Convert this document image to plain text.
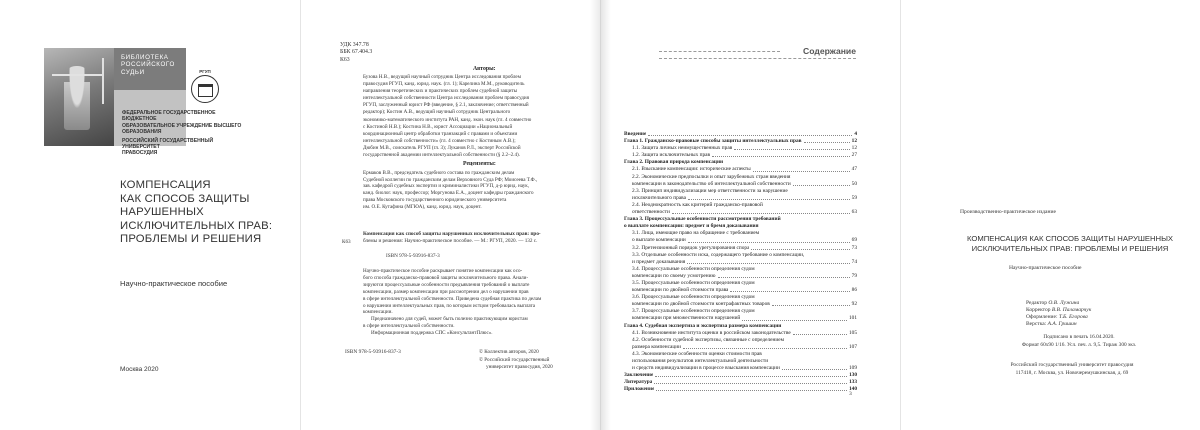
БИБЛИОТЕКА
РОССИЙСКОГО
СУДЬИ	РГУП
ФЕДЕРАЛЬНОЕ ГОСУДАРСТВЕННОЕ БЮДЖЕТНОЕ
ОБРАЗОВАТЕЛЬНОЕ УЧРЕЖДЕНИЕ ВЫСШЕГО
ОБРАЗОВАНИЯ
РОССИЙСКИЙ ГОСУДАРСТВЕННЫЙ УНИВЕРСИТЕТ
ПРАВОСУДИЯ
КОМПЕНСАЦИЯ
КАК СПОСОБ ЗАЩИТЫ
НАРУШЕННЫХ
ИСКЛЮЧИТЕЛЬНЫХ ПРАВ:
ПРОБЛЕМЫ И РЕШЕНИЯ
Научно-практическое пособие
Москва 2020
УДК 347.78
ББК 67.404.3
К63
Авторы:
Бузова Н.В., ведущий научный сотрудник Центра исследования проблем
правосудия РГУП, канд. юрид. наук. (гл. 1); Карелина М.М., руководитель
направления теоретических и практических проблем судебной защиты
интеллектуальной собственности Центра исследования проблем правосудия
РГУП, заслуженный юрист РФ (введение, § 2.1, заключение; ответственный
редактор); Костин А.В., ведущий научный сотрудник Центрального
экономико-математического института РАН, канд. экон. наук (гл. 4 совместно
с Костиной Н.В.); Костина Н.В., юрист Ассоциации «Национальный
координационный центр обработки транзакций с правами и объектами
интеллектуальной собственности» (гл. 4 совместно с Костиным А.В.);
Дюбин М.В., соискатель РГУП (гл. 3); Луканов Р.Л., эксперт Российской
государственной академии интеллектуальной собственности (§ 2.2–2.4).
Рецензенты:
Ермаков В.В., председатель судебного состава по гражданским делам
Судебной коллегии по гражданским делам Верховного Суда РФ; Моисеева Т.Ф.,
зав. кафедрой судебных экспертиз и криминалистики РГУП, д-р юрид. наук,
канд. биолог. наук, профессор; Моргунова Е.А., доцент кафедры гражданского
права Московского государственного юридического университета
им. О.Е. Кутафина (МГЮА), канд. юрид. наук, доцент.
Компенсация как способ защиты нарушенных исключительных прав: про-
блемы и решения: Научно-практическое пособие. — М.: РГУП, 2020. — 132 с.
К63
ISBN 978-5-93916-837-3
Научно-практическое пособие раскрывает понятие компенсации как осо-
бого способа гражданско-правовой защиты исключительного права. Анали-
зируются процессуальные особенности предъявления требований о выплате
компенсации, размер компенсации при рассмотрении дел о нарушении прав
в сфере интеллектуальной собственности. Приведена судебная практика по делам
о нарушении интеллектуальных прав, по которым истцом требовалась выплата
компенсации.
Предназначено для судей, может быть полезно практикующим юристам
в сфере интеллектуальной собственности.
Информационная поддержка СПС «КонсультантПлюс».
ISBN 978-5-93916-837-3	© Коллектив авторов, 2020
© Российский государственный
университет правосудия, 2020
Содержание
Введение	4
Глава 1. Гражданско-правовые способы защиты интеллектуальных прав	12
1.1. Защита личных неимущественных прав	12
1.2. Защита исключительных прав	27
Глава 2. Правовая природа компенсации
2.1. Взыскание компенсации: исторические аспекты	47
2.2. Экономические предпосылки и опыт зарубежных стран введения
компенсации в законодательство об интеллектуальной собственности	50
2.3. Принцип индивидуализации мер ответственности за нарушение
исключительного права	59
2.4. Неоднократность как критерий гражданско-правовой
ответственности	63
Глава 3. Процессуальные особенности рассмотрения требований
о выплате компенсации: предмет и бремя доказывания
3.1. Лица, имеющие право на обращение с требованием
о выплате компенсации	69
3.2. Претензионный порядок урегулирования спора	73
3.3. Отдельные особенности иска, содержащего требование о компенсации,
и предмет доказывания	74
3.4. Процессуальные особенности определения судом
компенсации по своему усмотрению	79
3.5. Процессуальные особенности определения судом
компенсации по двойной стоимости права	86
3.6. Процессуальные особенности определения судом
компенсации по двойной стоимости контрафактных товаров	92
3.7. Процессуальные особенности определения судом
компенсации при множественности нарушений	101
Глава 4. Судебная экспертиза и экспертиза размера компенсации
4.1. Возникновение института оценки в российском законодательстве	105
4.2. Особенности судебной экспертизы, связанные с определением
размера компенсации	107
4.3. Экономические особенности оценки стоимости прав
использования результатов интеллектуальной деятельности
и средств индивидуализации в процессе взыскания компенсации	109
Заключение	130
Литература	133
Приложение	140
3
Производственно-практическое издание
КОМПЕНСАЦИЯ КАК СПОСОБ ЗАЩИТЫ НАРУШЕННЫХ
ИСКЛЮЧИТЕЛЬНЫХ ПРАВ: ПРОБЛЕМЫ И РЕШЕНИЯ
Научно-практическое пособие
Редактор О.В. Лужина
Корректор В.В. Паламарчук
Оформление: Т.Б. Егорова
Верстка: А.А. Гришин
Подписано в печать 16.04.2020.
Формат 60x90 1/16. Усл. печ. л. 9,5. Тираж 300 экз.
Российский государственный университет правосудия
117418, г. Москва, ул. Новочеремушкинская, д. 69
